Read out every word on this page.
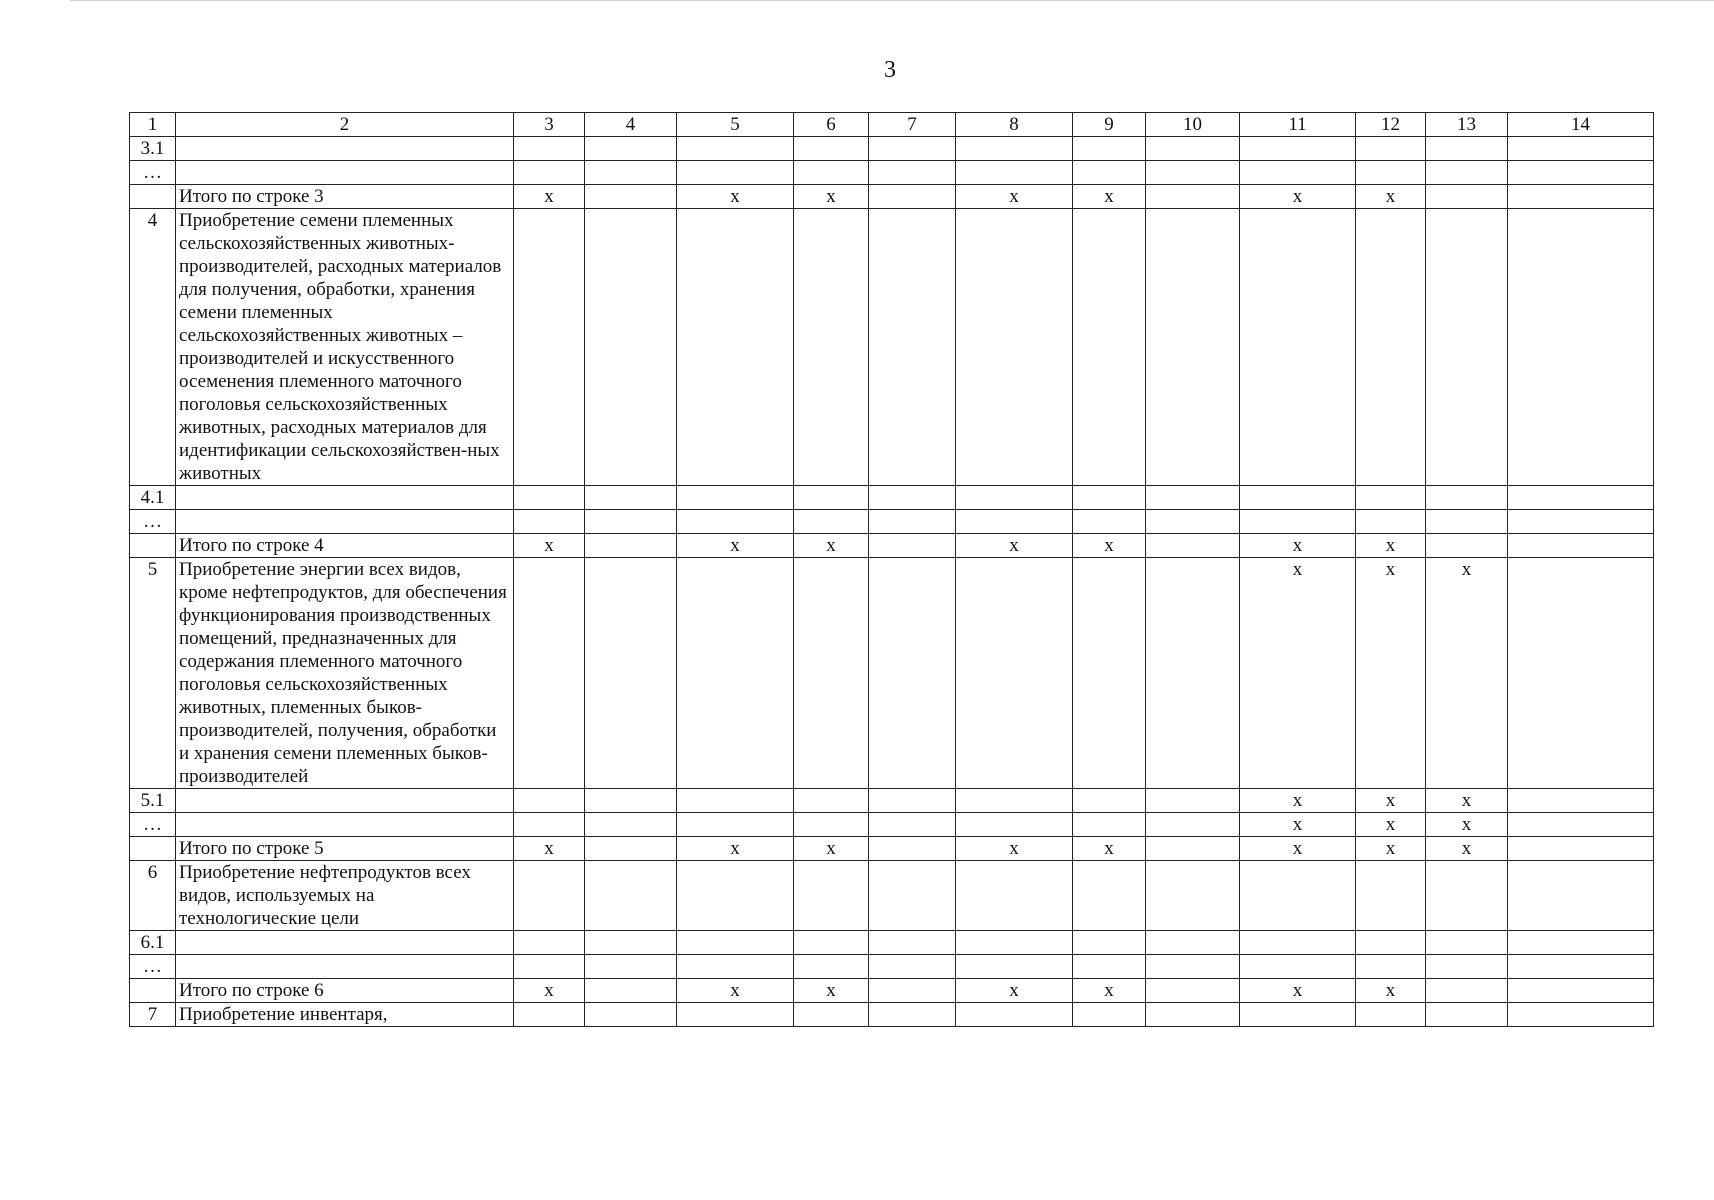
3
1	2	3	4	5	6	7	8	9	10	11	12	13	14
3.1													
…													
	Итого по строке 3	x		x	x		x	x		x	x		
4	Приобретение семени племенных сельскохозяйственных животных-производителей, расходных материалов для получения, обработки, хранения семени племенных сельскохозяйственных животных – производителей и искусственного осеменения племенного маточного поголовья сельскохозяйственных животных, расходных материалов для идентификации сельскохозяйствен-ных животных												
4.1													
…													
	Итого по строке 4	x		x	x		x	x		x	x		
5	Приобретение энергии всех видов, кроме нефтепродуктов, для обеспечения функционирования производственных помещений, предназначенных для содержания племенного маточного поголовья сельскохозяйственных животных, племенных быков-производителей, получения, обработки и хранения семени племенных быков-производителей									x	x	x	
5.1										x	x	x	
…										x	x	x	
	Итого по строке 5	x		x	x		x	x		x	x	x	
6	Приобретение нефтепродуктов всех видов, используемых на технологические цели												
6.1													
…													
	Итого по строке 6	x		x	x		x	x		x	x		
7	Приобретение инвентаря,												
